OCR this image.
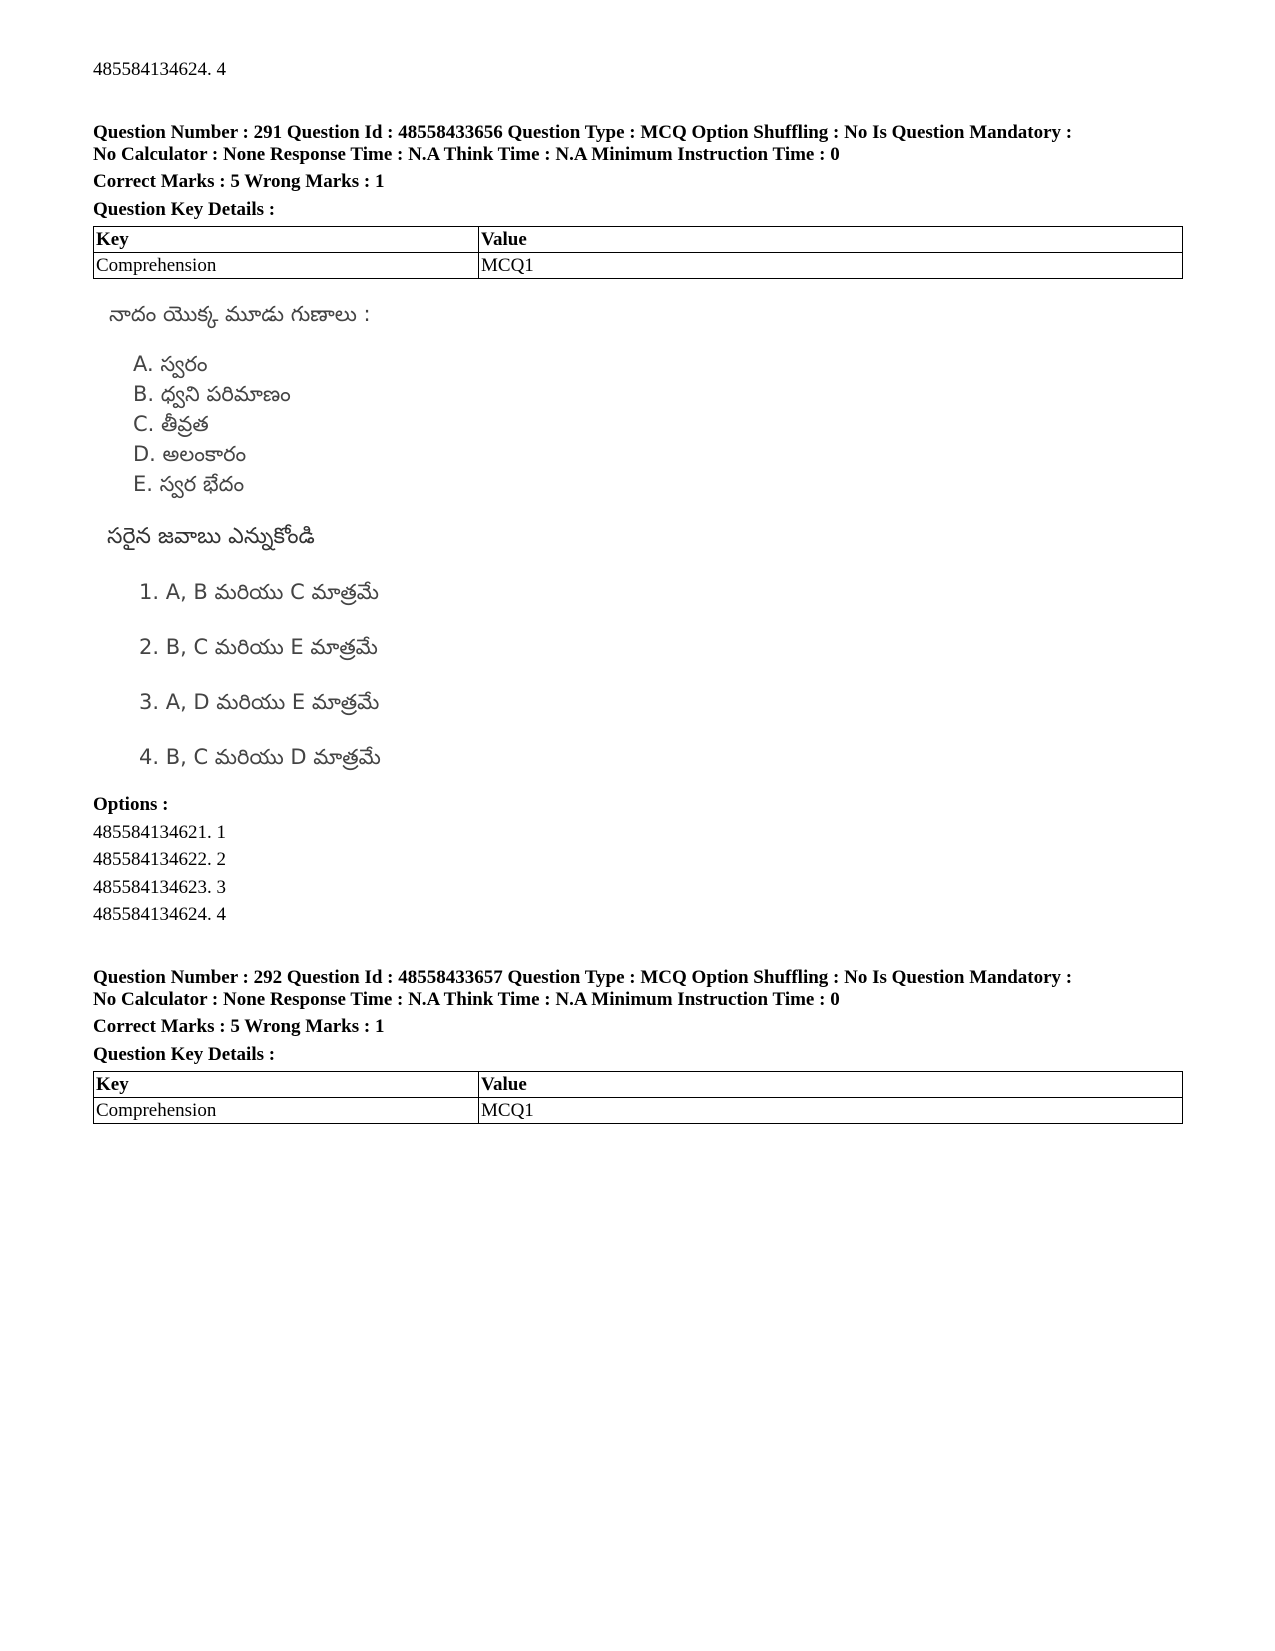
485584134624. 4
Question Number : 291 Question Id : 48558433656 Question Type : MCQ Option Shuffling : No Is Question Mandatory :
No Calculator : None Response Time : N.A Think Time : N.A Minimum Instruction Time : 0
Correct Marks : 5 Wrong Marks : 1
Question Key Details :
Key	Value
Comprehension	MCQ1
నాదం యొక్క మూడు గుణాలు :
A. స్వరం
B. ధ్వని పరిమాణం
C. తీవ్రత
D. అలంకారం
E. స్వర భేదం
సరైన జవాబు ఎన్నుకోండి
1. A, B మరియు C మాత్రమే
2. B, C మరియు E మాత్రమే
3. A, D మరియు E మాత్రమే
4. B, C మరియు D మాత్రమే
Options :
485584134621. 1
485584134622. 2
485584134623. 3
485584134624. 4
Question Number : 292 Question Id : 48558433657 Question Type : MCQ Option Shuffling : No Is Question Mandatory :
No Calculator : None Response Time : N.A Think Time : N.A Minimum Instruction Time : 0
Correct Marks : 5 Wrong Marks : 1
Question Key Details :
Key	Value
Comprehension	MCQ1
